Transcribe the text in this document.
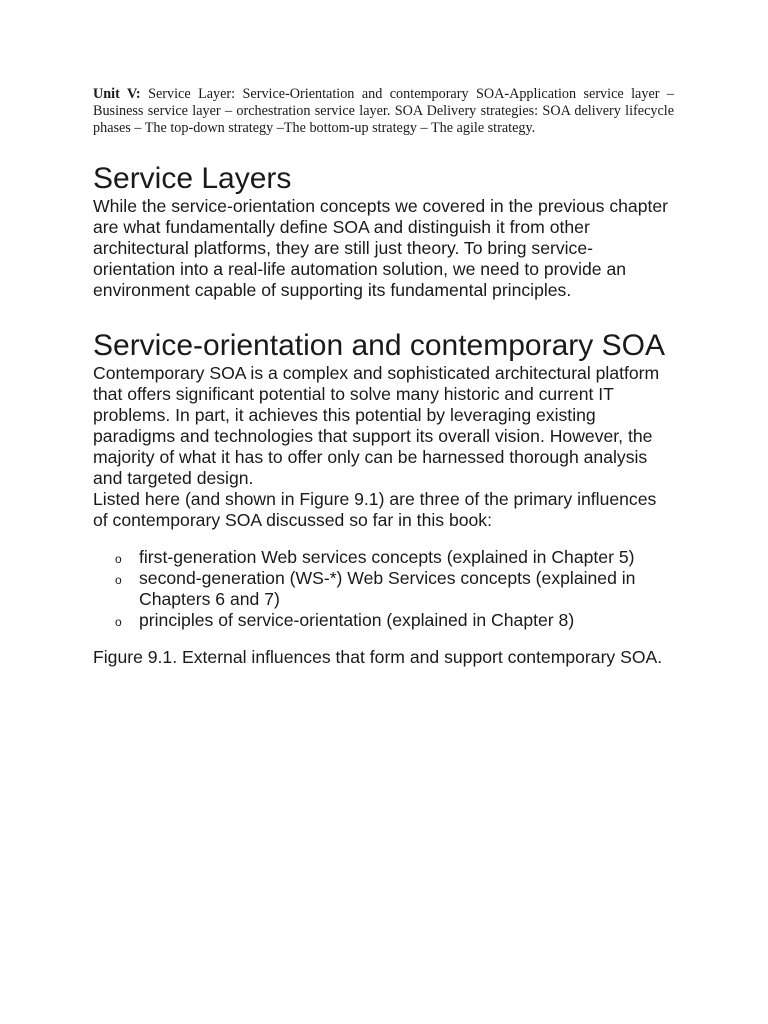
Unit V: Service Layer: Service-Orientation and contemporary SOA-Application service layer – Business service layer – orchestration service layer. SOA Delivery strategies: SOA delivery lifecycle phases – The top-down strategy –The bottom-up strategy – The agile strategy.

Service Layers

While the service-orientation concepts we covered in the previous chapter are what fundamentally define SOA and distinguish it from other architectural platforms, they are still just theory. To bring service-orientation into a real-life automation solution, we need to provide an environment capable of supporting its fundamental principles.

Service-orientation and contemporary SOA

Contemporary SOA is a complex and sophisticated architectural platform that offers significant potential to solve many historic and current IT problems. In part, it achieves this potential by leveraging existing paradigms and technologies that support its overall vision. However, the majority of what it has to offer only can be harnessed thorough analysis and targeted design.

Listed here (and shown in Figure 9.1) are three of the primary influences of contemporary SOA discussed so far in this book:

o first-generation Web services concepts (explained in Chapter 5)
o second-generation (WS-*) Web Services concepts (explained in Chapters 6 and 7)
o principles of service-orientation (explained in Chapter 8)

Figure 9.1. External influences that form and support contemporary SOA.
